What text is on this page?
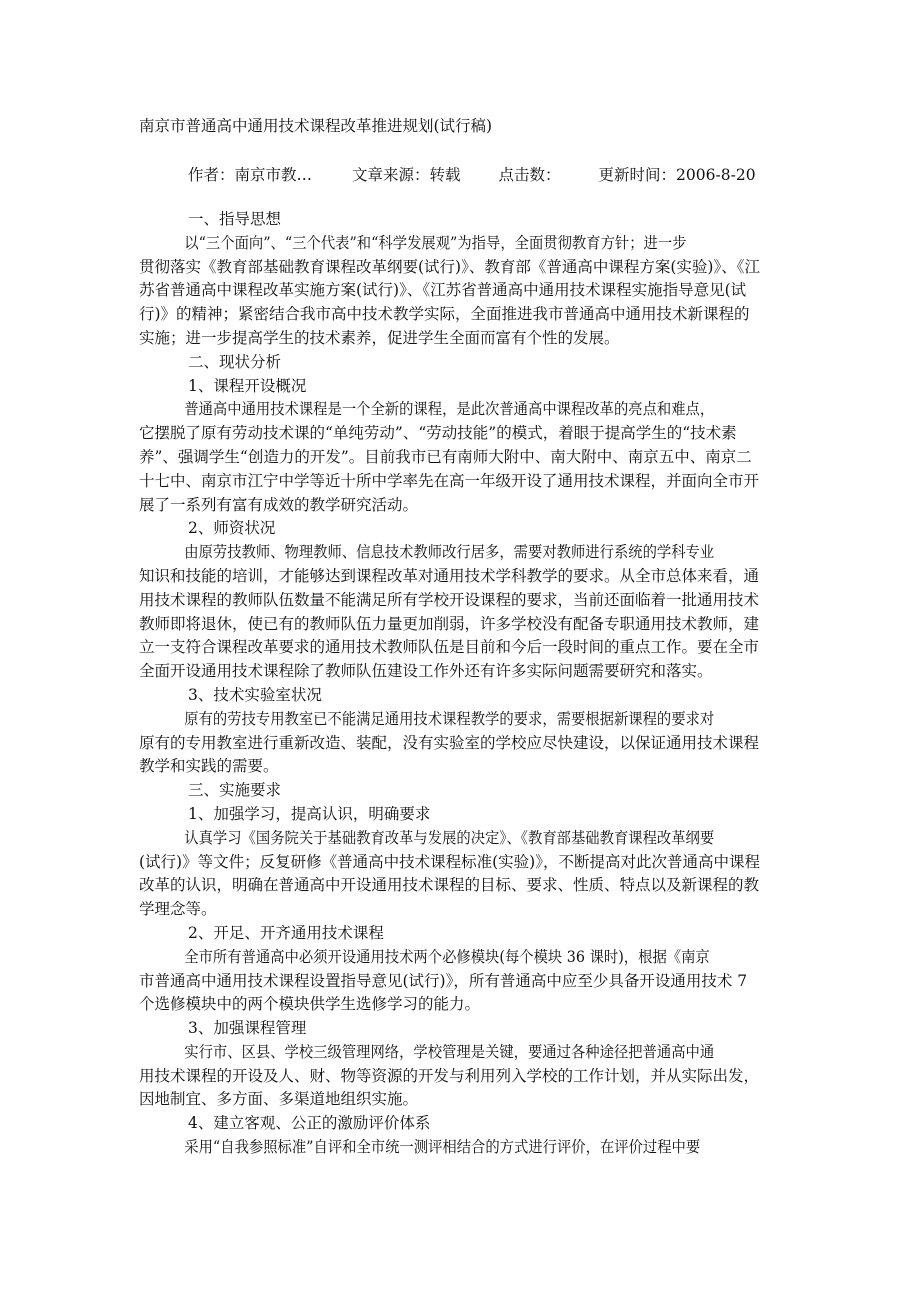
南京市普通高中通用技术课程改革推进规划(试行稿)
作者：南京市教…	文章来源：转载 点击数： 更新时间：2006-8-20
一、指导思想
以“三个面向”、“三个代表”和“科学发展观”为指导，全面贯彻教育方针；进一步
贯彻落实《教育部基础教育课程改革纲要(试行)》、教育部《普通高中课程方案(实验)》、《江
苏省普通高中课程改革实施方案(试行)》、《江苏省普通高中通用技术课程实施指导意见(试
行)》的精神；紧密结合我市高中技术教学实际，全面推进我市普通高中通用技术新课程的
实施；进一步提高学生的技术素养，促进学生全面而富有个性的发展。
二、现状分析
1、课程开设概况
普通高中通用技术课程是一个全新的课程，是此次普通高中课程改革的亮点和难点，
它摆脱了原有劳动技术课的“单纯劳动”、“劳动技能”的模式，着眼于提高学生的“技术素
养”、强调学生“创造力的开发”。目前我市已有南师大附中、南大附中、南京五中、南京二
十七中、南京市江宁中学等近十所中学率先在高一年级开设了通用技术课程，并面向全市开
展了一系列有富有成效的教学研究活动。
2、师资状况
由原劳技教师、物理教师、信息技术教师改行居多，需要对教师进行系统的学科专业
知识和技能的培训，才能够达到课程改革对通用技术学科教学的要求。从全市总体来看，通
用技术课程的教师队伍数量不能满足所有学校开设课程的要求，当前还面临着一批通用技术
教师即将退休，使已有的教师队伍力量更加削弱，许多学校没有配备专职通用技术教师，建
立一支符合课程改革要求的通用技术教师队伍是目前和今后一段时间的重点工作。要在全市
全面开设通用技术课程除了教师队伍建设工作外还有许多实际问题需要研究和落实。
3、技术实验室状况
原有的劳技专用教室已不能满足通用技术课程教学的要求，需要根据新课程的要求对
原有的专用教室进行重新改造、装配，没有实验室的学校应尽快建设，以保证通用技术课程
教学和实践的需要。
三、实施要求
1、加强学习，提高认识，明确要求
认真学习《国务院关于基础教育改革与发展的决定》、《教育部基础教育课程改革纲要
(试行)》等文件；反复研修《普通高中技术课程标准(实验)》，不断提高对此次普通高中课程
改革的认识，明确在普通高中开设通用技术课程的目标、要求、性质、特点以及新课程的教
学理念等。
2、开足、开齐通用技术课程
全市所有普通高中必须开设通用技术两个必修模块(每个模块 36 课时)，根据《南京
市普通高中通用技术课程设置指导意见(试行)》，所有普通高中应至少具备开设通用技术 7
个选修模块中的两个模块供学生选修学习的能力。
3、加强课程管理
实行市、区县、学校三级管理网络，学校管理是关键，要通过各种途径把普通高中通
用技术课程的开设及人、财、物等资源的开发与利用列入学校的工作计划，并从实际出发，
因地制宜、多方面、多渠道地组织实施。
4、建立客观、公正的激励评价体系
采用“自我参照标准”自评和全市统一测评相结合的方式进行评价，在评价过程中要
